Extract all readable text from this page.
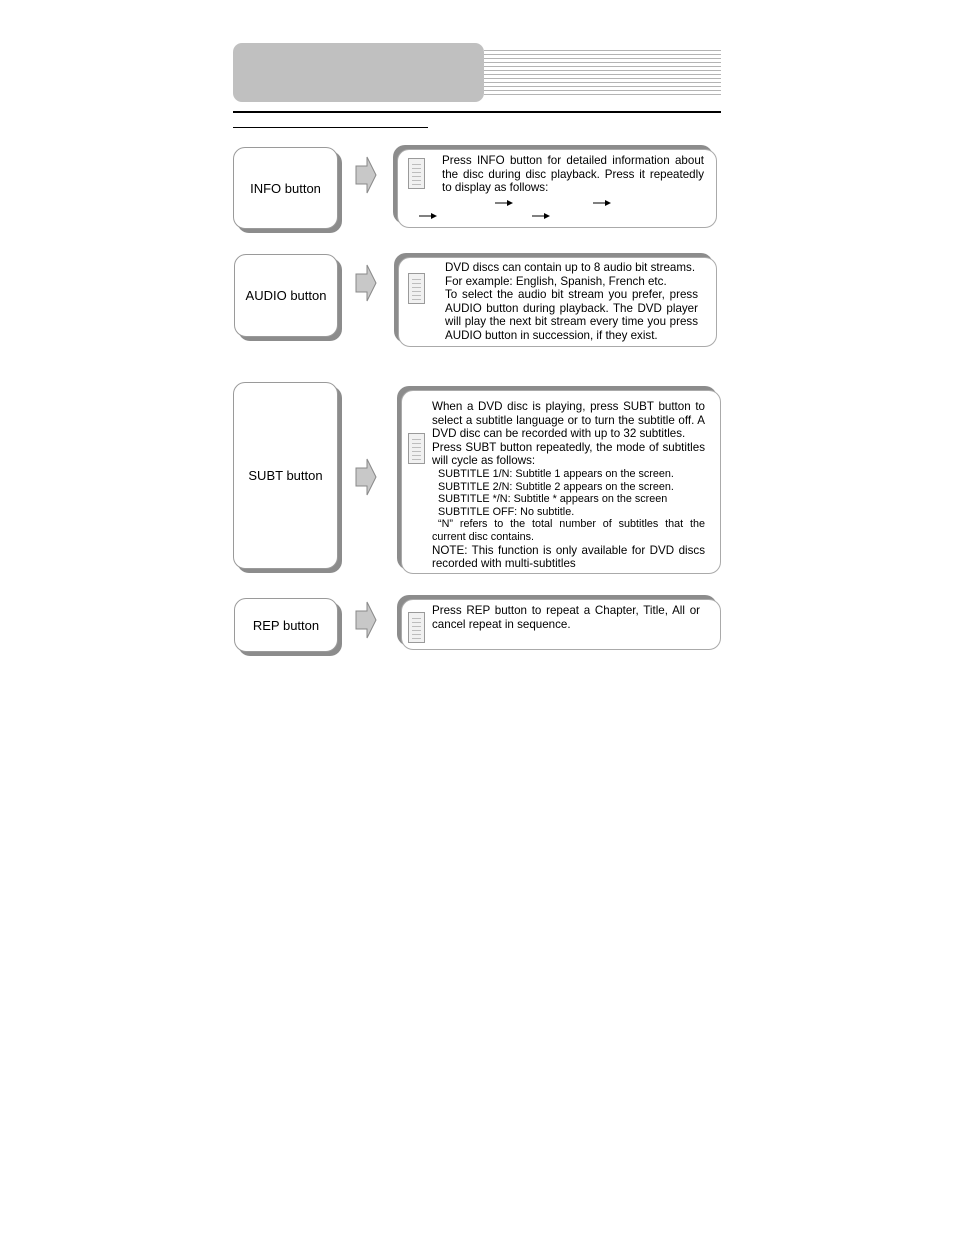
INFO button
Press INFO button for detailed information about the disc during disc playback. Press it repeatedly to display as follows:
AUDIO button

DVD discs can contain up to 8 audio bit streams.

For example: English, Spanish, French etc.

To select the audio bit stream you prefer, press AUDIO button during playback. The DVD player will play the next bit stream every time you press AUDIO button in succession, if they exist.

SUBT button

When a DVD disc is playing, press SUBT button to select a subtitle language or to turn the subtitle off. A DVD disc can be recorded with up to 32 subtitles.

Press SUBT button repeatedly, the mode of subtitles will cycle as follows:

SUBTITLE 1/N: Subtitle 1 appears on the screen.

SUBTITLE 2/N: Subtitle 2 appears on the screen.

SUBTITLE */N: Subtitle * appears on the screen

SUBTITLE OFF: No subtitle.

“N” refers to the total number of subtitles that the current disc contains.

NOTE: This function is only available for DVD discs recorded with multi-subtitles

REP button
Press REP button to repeat a Chapter, Title, All or cancel repeat in sequence.
